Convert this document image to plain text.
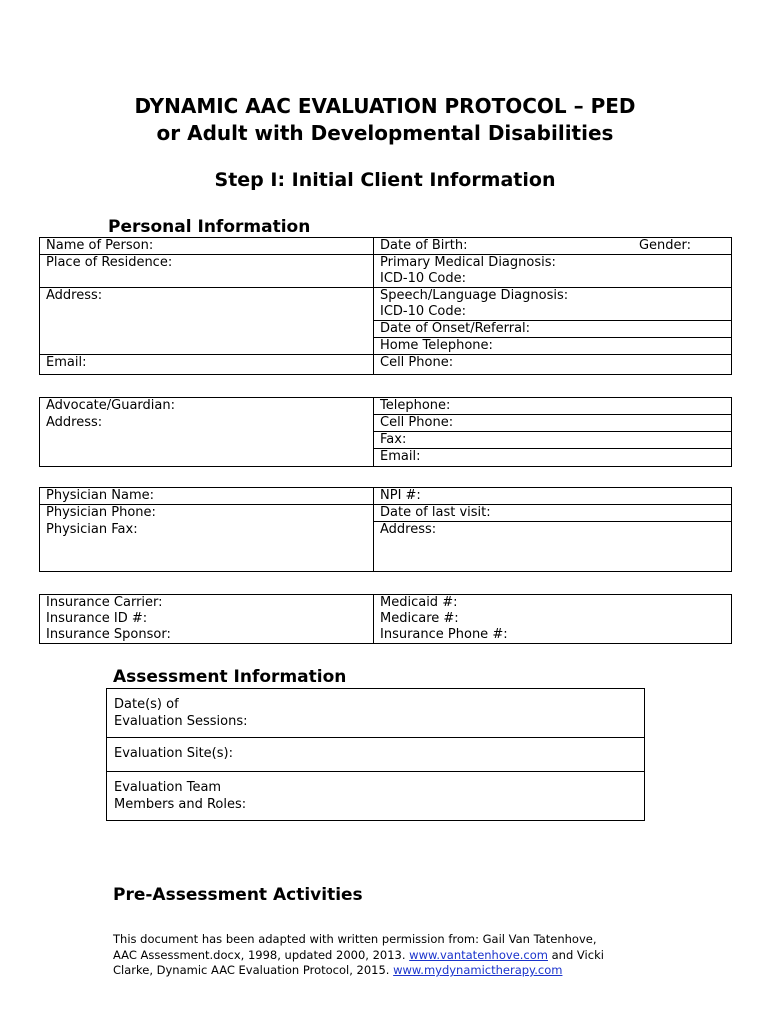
DYNAMIC AAC EVALUATION PROTOCOL – PED
or Adult with Developmental Disabilities
Step I: Initial Client Information
Personal Information
Name of Person:	Date of Birth: Gender:

Place of Residence:	Primary Medical Diagnosis:
	ICD-10 Code:
Address:	Speech/Language Diagnosis:
	ICD-10 Code:
	Date of Onset/Referral:
	Home Telephone:
Email:	Cell Phone:
Advocate/Guardian:	Telephone:
Address:	Cell Phone:
	Fax:
	Email:
Physician Name:	NPI #:
Physician Phone:	Date of last visit:
Physician Fax:	Address:
Insurance Carrier:	Medicaid #:
Insurance ID #:	Medicare #:
Insurance Sponsor:	Insurance Phone #:
Assessment Information
Date(s) of
Evaluation Sessions:

Evaluation Site(s):

Evaluation Team
Members and Roles:
Pre-Assessment Activities
This document has been adapted with written permission from: Gail Van Tatenhove,
AAC Assessment.docx, 1998, updated 2000, 2013. www.vantatenhove.com and Vicki
Clarke, Dynamic AAC Evaluation Protocol, 2015. www.mydynamictherapy.com
